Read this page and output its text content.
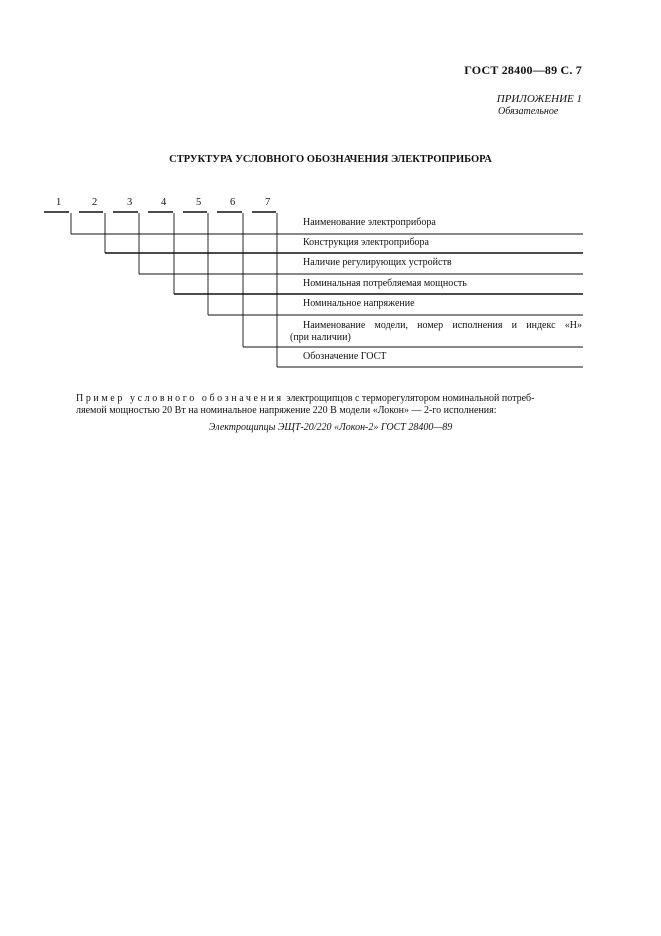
ГОСТ 28400—89 С. 7
ПРИЛОЖЕНИЕ 1
Обязательное
СТРУКТУРА УСЛОВНОГО ОБОЗНАЧЕНИЯ ЭЛЕКТРОПРИБОРА
1	2	3	4	5	6	7
Наименование электроприбора
Конструкция электроприбора
Наличие регулирующих устройств
Номинальная потребляемая мощность
Номинальное напряжение
Наименование модели, номер исполнения и индекс «Н»
(при наличии)
Обозначение ГОСТ
Пример условного обозначения электрощипцов с терморегулятором номинальной потреб-
ляемой мощностью 20 Вт на номинальное напряжение 220 В модели «Локон» — 2-го исполнения:
Электрощипцы ЭЩТ-20/220 «Локон-2» ГОСТ 28400—89
